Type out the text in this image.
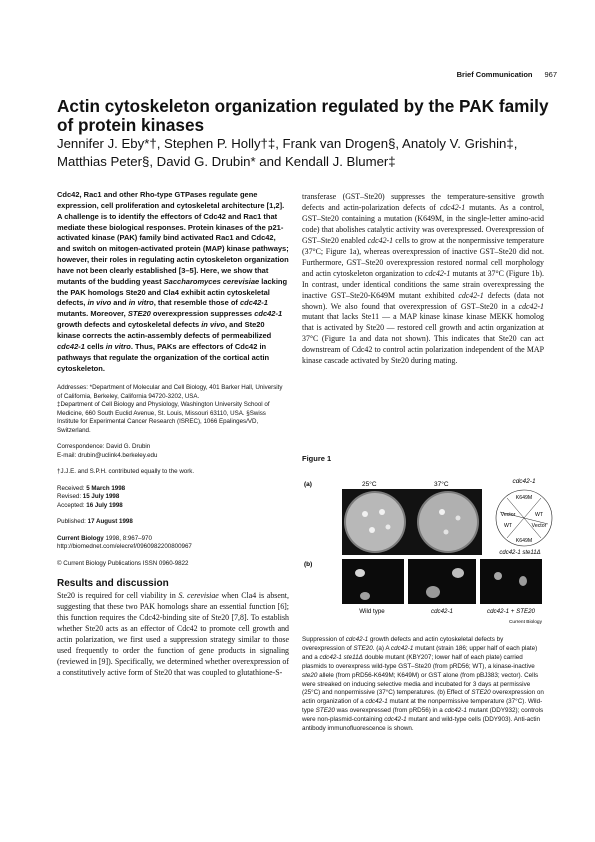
Brief Communication 967
Actin cytoskeleton organization regulated by the PAK family of protein kinases
Jennifer J. Eby*†, Stephen P. Holly†‡, Frank van Drogen§, Anatoly V. Grishin‡, Matthias Peter§, David G. Drubin* and Kendall J. Blumer‡

Cdc42, Rac1 and other Rho-type GTPases regulate gene expression, cell proliferation and cytoskeletal architecture [1,2]. A challenge is to identify the effectors of Cdc42 and Rac1 that mediate these biological responses. Protein kinases of the p21-activated kinase (PAK) family bind activated Rac1 and Cdc42, and switch on mitogen-activated protein (MAP) kinase pathways; however, their roles in regulating actin cytoskeleton organization have not been clearly established [3–5]. Here, we show that mutants of the budding yeast Saccharomyces cerevisiae lacking the PAK homologs Ste20 and Cla4 exhibit actin cytoskeletal defects, in vivo and in vitro, that resemble those of cdc42-1 mutants. Moreover, STE20 overexpression suppresses cdc42-1 growth defects and cytoskeletal defects in vivo, and Ste20 kinase corrects the actin-assembly defects of permeabilized cdc42-1 cells in vitro. Thus, PAKs are effectors of Cdc42 in pathways that regulate the organization of the cortical actin cytoskeleton.

Addresses: *Department of Molecular and Cell Biology, 401 Barker Hall, University of California, Berkeley, California 94720-3202, USA.
‡Department of Cell Biology and Physiology, Washington University School of Medicine, 660 South Euclid Avenue, St. Louis, Missouri 63110, USA. §Swiss Institute for Experimental Cancer Research (ISREC), 1066 Epalinges/VD, Switzerland.

Correspondence: David G. Drubin
E-mail: drubin@uclink4.berkeley.edu

†J.J.E. and S.P.H. contributed equally to the work.

Received: 5 March 1998
Revised: 15 July 1998
Accepted: 16 July 1998

Published: 17 August 1998

Current Biology 1998, 8:967–970
http://biomednet.com/elecref/0960982200800967

© Current Biology Publications ISSN 0960-9822

Results and discussion

Ste20 is required for cell viability in S. cerevisiae when Cla4 is absent, suggesting that these two PAK homologs share an essential function [6]; this function requires the Cdc42-binding site of Ste20 [7,8]. To establish whether Ste20 acts as an effector of Cdc42 to promote cell growth and actin polarization, we first used a suppression strategy similar to those used frequently to order the function of gene products in signaling (reviewed in [9]). Specifically, we determined whether overexpression of a constitutively active form of Ste20 that was coupled to glutathione-S-

transferase (GST–Ste20) suppresses the temperature-sensitive growth defects and actin-polarization defects of cdc42-1 mutants. As a control, GST–Ste20 containing a mutation (K649M, in the single-letter amino-acid code) that abolishes catalytic activity was overexpressed. Overexpression of GST–Ste20 enabled cdc42-1 cells to grow at the nonpermissive temperature (37°C; Figure 1a), whereas overexpression of inactive GST–Ste20 did not. Furthermore, GST–Ste20 overexpression restored normal cell morphology and actin cytoskeleton organization to cdc42-1 mutants at 37°C (Figure 1b). In contrast, under identical conditions the same strain overexpressing the inactive GST–Ste20-K649M mutant exhibited cdc42-1 defects (data not shown). We also found that overexpression of GST–Ste20 in a cdc42-1 mutant that lacks Ste11 — a MAP kinase kinase kinase MEKK homolog that is activated by Ste20 — restored cell growth and actin organization at 37°C (Figure 1a and data not shown). This indicates that Ste20 can act downstream of Cdc42 to control actin polarization independent of the MAP kinase cascade activated by Ste20 during mating.

Figure 1
(a)
(b)
25°C	37°C	cdc42-1
K649M
Vector	WT
WT	Vector
K649M
cdc42-1 ste11Δ
Wild type	cdc42-1	cdc42-1 + STE20
Current Biology

Suppression of cdc42-1 growth defects and actin cytoskeletal defects by overexpression of STE20. (a) A cdc42-1 mutant (strain 186; upper half of each plate) and a cdc42-1 ste11Δ double mutant (KBY207; lower half of each plate) carried plasmids to overexpress wild-type GST–Ste20 (from pRD56; WT), a kinase-inactive ste20 allele (from pRD56-K649M; K649M) or GST alone (from pBJ383; vector). Cells were streaked on inducing selective media and incubated for 3 days at permissive (25°C) and nonpermissive (37°C) temperatures. (b) Effect of STE20 overexpression on actin organization of a cdc42-1 mutant at the nonpermissive temperature (37°C). Wild-type STE20 was overexpressed (from pRD56) in a cdc42-1 mutant (DDY932); controls were non-plasmid-containing cdc42-1 mutant and wild-type cells (DDY903). Anti-actin antibody immunofluorescence is shown.
